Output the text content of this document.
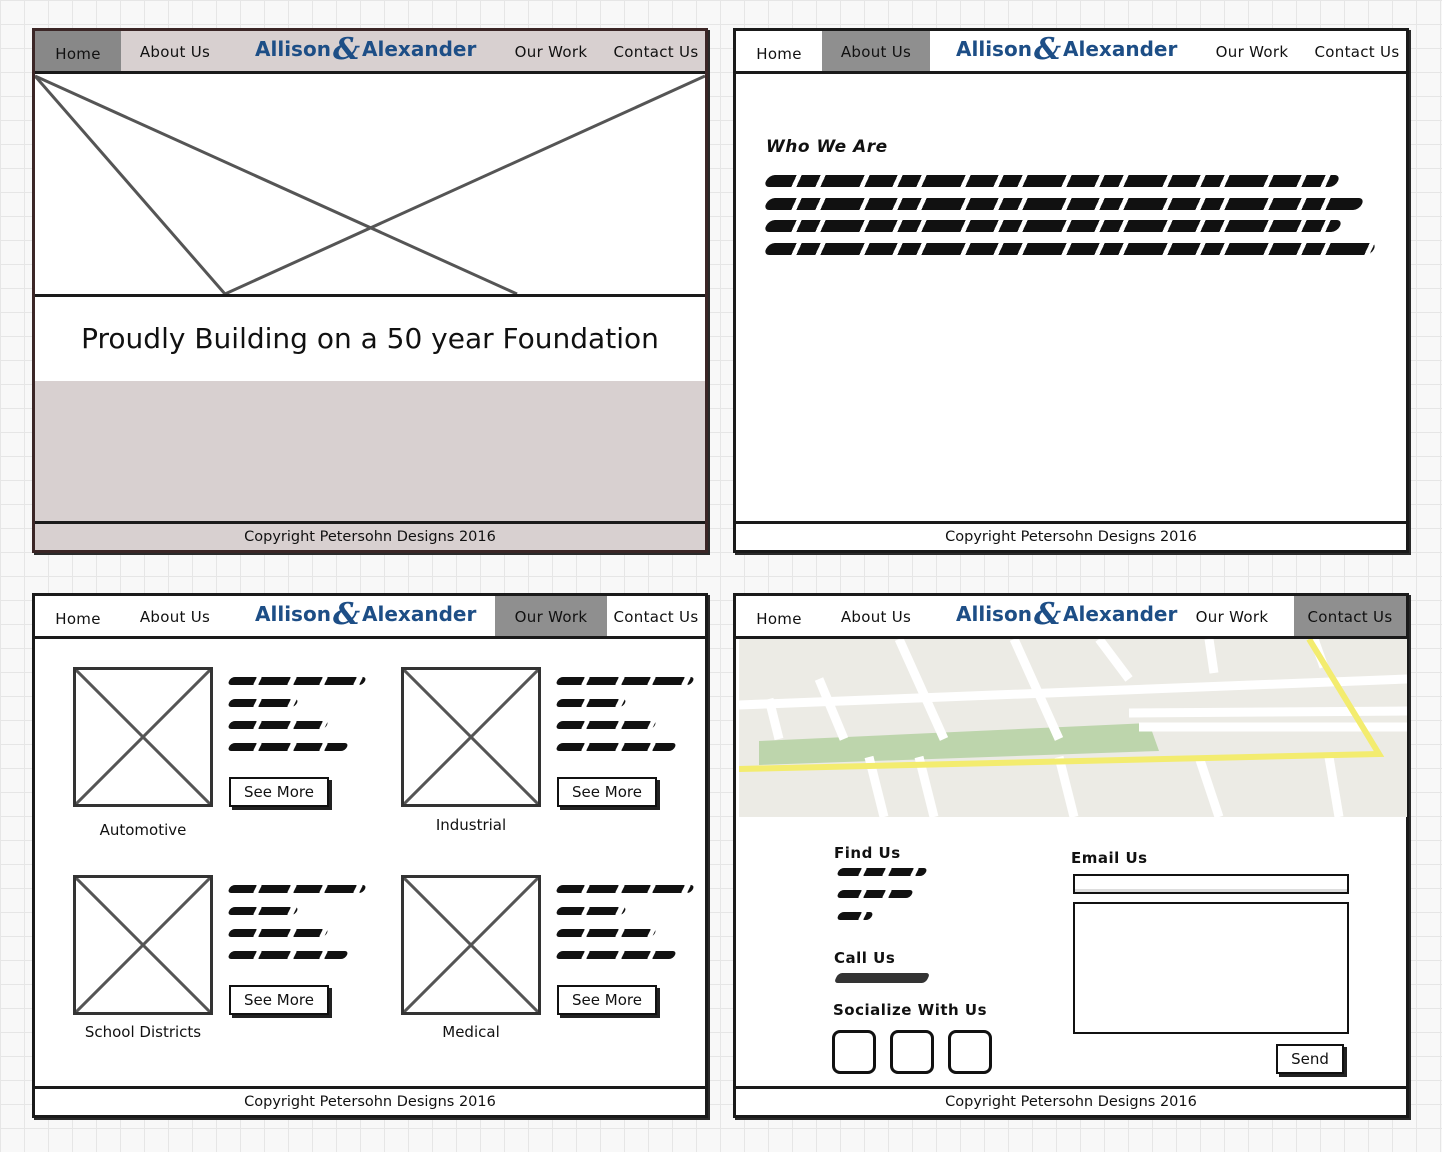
Home	About Us	Allison& Alexander	Our Work	Contact Us
Proudly Building on a 50 year Foundation
Copyright Petersohn Designs 2016
Home	About Us	Allison& Alexander	Our Work	Contact Us
Who We Are
Copyright Petersohn Designs 2016
Home	About Us	Allison& Alexander	Our Work	Contact Us
See More
Automotive
See More
Industrial
See More
School Districts
See More
Medical
Copyright Petersohn Designs 2016
Home	About Us	Allison& Alexander	Our Work	Contact Us
Find Us
Call Us
Socialize With Us
Email Us
Send
Copyright Petersohn Designs 2016
